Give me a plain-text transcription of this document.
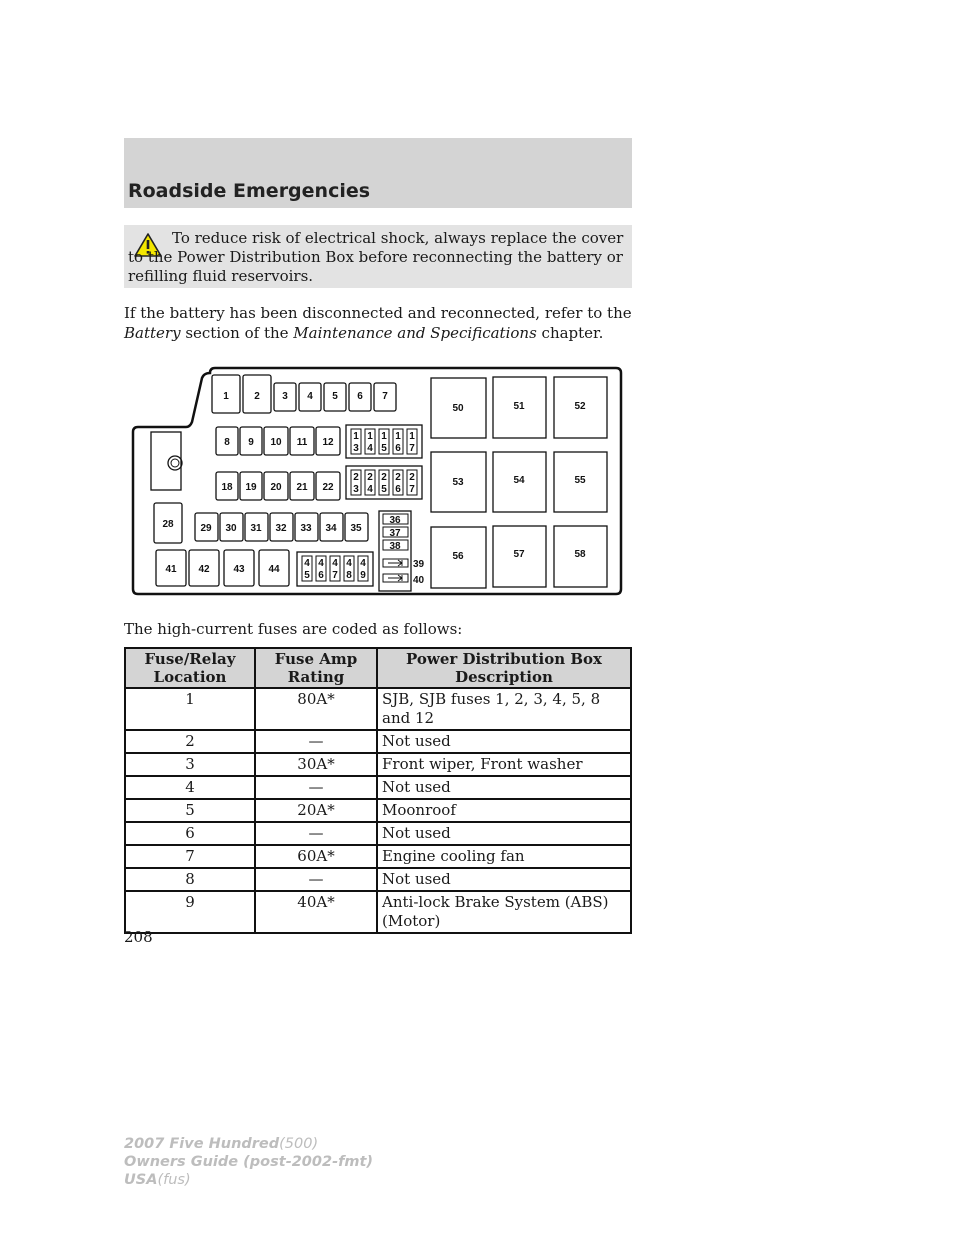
Roadside Emergencies

To reduce risk of electrical shock, always replace the cover to the Power Distribution Box before reconnecting the battery or refilling fluid reservoirs.

If the battery has been disconnected and reconnected, refer to the
Battery section of the Maintenance and Specifications chapter.

1	2 3 4 5 6 7
8 9 10 11 12
1
3
1
4
1
5
1
6
1
7
18 19 20 21 22
2
3
2
4
2
5
2
6
2
7
28	29 30 31 32 33 34 35
36
37
38
39
40
41 42 43 44
4
5
4
6
4
7
4
8
4
9
50	51	52
53	54	55
56	57	58

The high-current fuses are coded as follows:

Fuse/Relay Location	Fuse Amp Rating	Power Distribution Box Description
1	80A*	SJB, SJB fuses 1, 2, 3, 4, 5, 8 and 12
2	—	Not used
3	30A*	Front wiper, Front washer
4	—	Not used
5	20A*	Moonroof
6	—	Not used
7	60A*	Engine cooling fan
8	—	Not used
9	40A*	Anti-lock Brake System (ABS) (Motor)
208
2007 Five Hundred(500)
Owners Guide (post-2002-fmt)
USA(fus)
